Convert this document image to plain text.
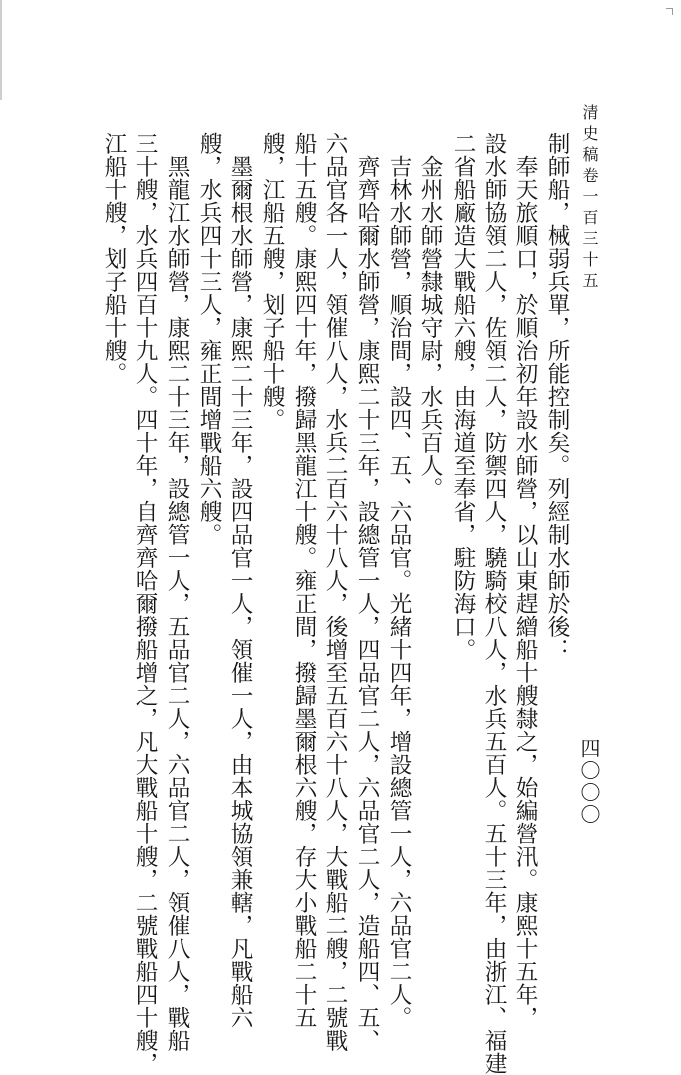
清史稿卷一百三十五
四〇〇〇
制師船，械弱兵單，所能控制矣。列經制水師於後：
奉天旅順口，於順治初年設水師營，以山東趕繒船十艘隸之，始編營汛。康熙十五年，
設水師協領二人，佐領二人，防禦四人，驍騎校八人，水兵五百人。五十三年，由浙江、福建
二省船廠造大戰船六艘，由海道至奉省，駐防海口。
金州水師營隸城守尉，水兵百人。
吉林水師營，順治間，設四、五、六品官。光緒十四年，增設總管一人，六品官二人。
齊齊哈爾水師營，康熙二十三年，設總管一人，四品官二人，六品官二人，造船四、五、
六品官各一人，領催八人，水兵二百六十八人，後增至五百六十八人，大戰船二艘，二號戰
船十五艘。康熙四十年，撥歸黑龍江十艘。雍正間，撥歸墨爾根六艘，存大小戰船二十五
艘，江船五艘，划子船十艘。
墨爾根水師營，康熙二十三年，設四品官一人，領催一人，由本城協領兼轄，凡戰船六
艘，水兵四十三人，雍正間增戰船六艘。
黑龍江水師營，康熙二十三年，設總管一人，五品官二人，六品官二人，領催八人，戰船
三十艘，水兵四百十九人。四十年，自齊齊哈爾撥船增之，凡大戰船十艘，二號戰船四十艘，
江船十艘，划子船十艘。
